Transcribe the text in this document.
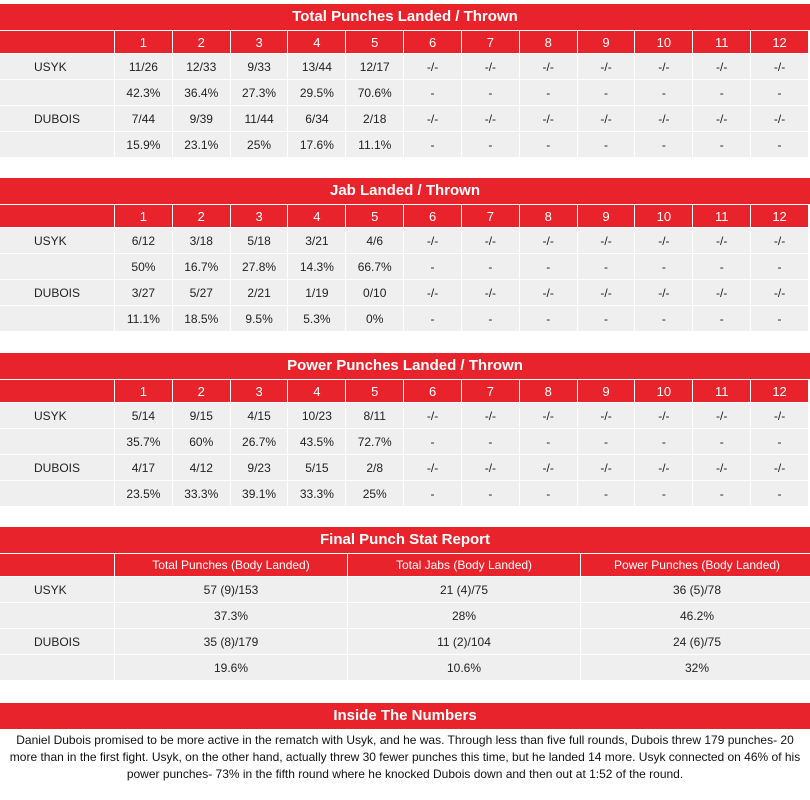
Total Punches Landed / Thrown
	1	2	3	4	5	6	7	8	9	10	11	12
USYK	11/26	12/33	9/33	13/44	12/17	-/-	-/-	-/-	-/-	-/-	-/-	-/-
	42.3%	36.4%	27.3%	29.5%	70.6%	-	-	-	-	-	-	-
DUBOIS	7/44	9/39	11/44	6/34	2/18	-/-	-/-	-/-	-/-	-/-	-/-	-/-
	15.9%	23.1%	25%	17.6%	11.1%	-	-	-	-	-	-	-
Jab Landed / Thrown
	1	2	3	4	5	6	7	8	9	10	11	12
USYK	6/12	3/18	5/18	3/21	4/6	-/-	-/-	-/-	-/-	-/-	-/-	-/-
	50%	16.7%	27.8%	14.3%	66.7%	-	-	-	-	-	-	-
DUBOIS	3/27	5/27	2/21	1/19	0/10	-/-	-/-	-/-	-/-	-/-	-/-	-/-
	11.1%	18.5%	9.5%	5.3%	0%	-	-	-	-	-	-	-
Power Punches Landed / Thrown
	1	2	3	4	5	6	7	8	9	10	11	12
USYK	5/14	9/15	4/15	10/23	8/11	-/-	-/-	-/-	-/-	-/-	-/-	-/-
	35.7%	60%	26.7%	43.5%	72.7%	-	-	-	-	-	-	-
DUBOIS	4/17	4/12	9/23	5/15	2/8	-/-	-/-	-/-	-/-	-/-	-/-	-/-
	23.5%	33.3%	39.1%	33.3%	25%	-	-	-	-	-	-	-
Final Punch Stat Report
	Total Punches (Body Landed)	Total Jabs (Body Landed)	Power Punches (Body Landed)
USYK	57 (9)/153	21 (4)/75	36 (5)/78
	37.3%	28%	46.2%
DUBOIS	35 (8)/179	11 (2)/104	24 (6)/75
	19.6%	10.6%	32%
Inside The Numbers
Daniel Dubois promised to be more active in the rematch with Usyk, and he was. Through less than five full rounds, Dubois threw 179 punches- 20 more than in the first fight. Usyk, on the other hand, actually threw 30 fewer punches this time, but he landed 14 more. Usyk connected on 46% of his power punches- 73% in the fifth round where he knocked Dubois down and then out at 1:52 of the round.
